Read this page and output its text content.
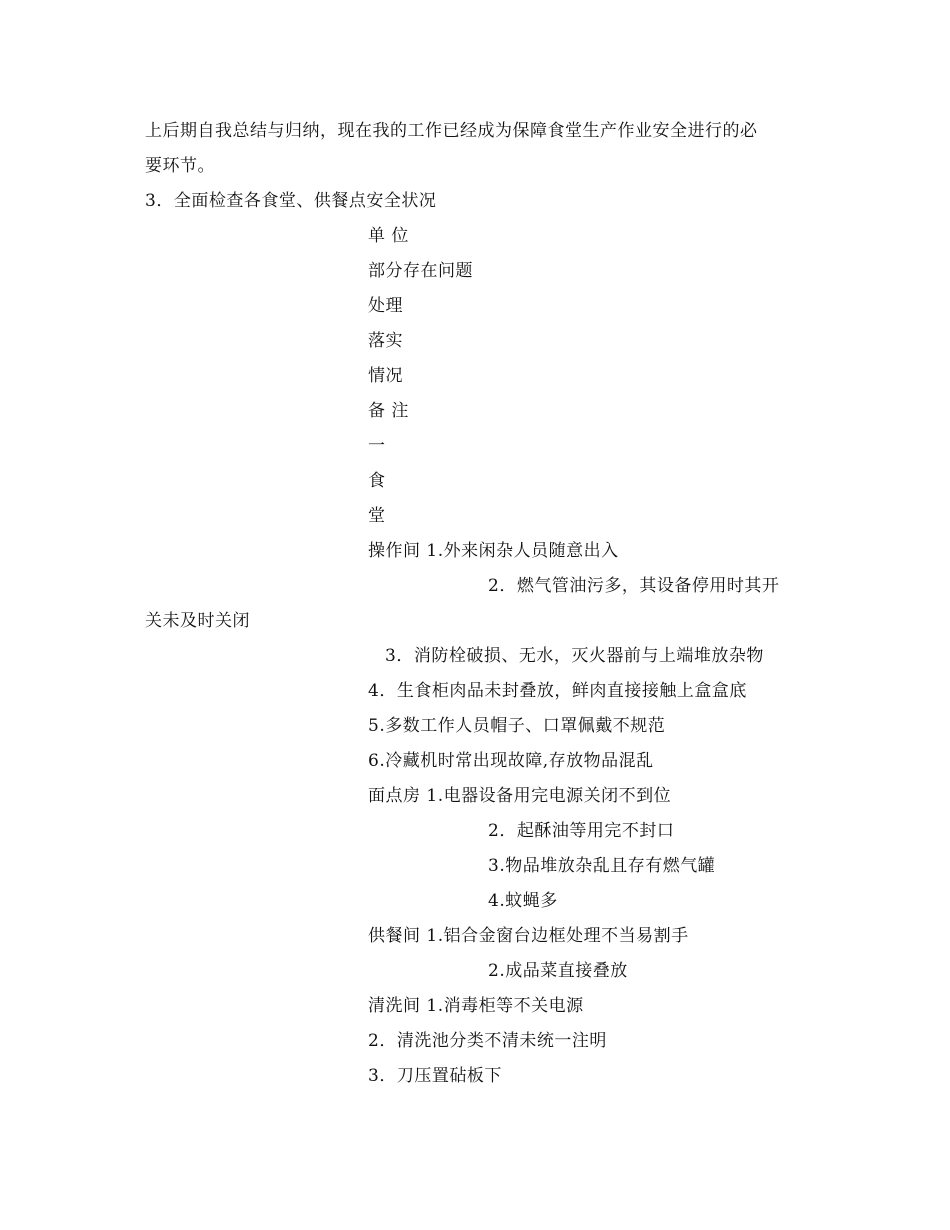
上后期自我总结与归纳，现在我的工作已经成为保障食堂生产作业安全进行的必
要环节。
3．全面检查各食堂、供餐点安全状况
单 位
部分存在问题
处理
落实
情况
备 注
一
食
堂
操作间 1.外来闲杂人员随意出入
2．燃气管油污多，其设备停用时其开
关未及时关闭
3．消防栓破损、无水，灭火器前与上端堆放杂物
4．生食柜肉品未封叠放，鲜肉直接接触上盒盒底
5.多数工作人员帽子、口罩佩戴不规范
6.冷藏机时常出现故障,存放物品混乱
面点房 1.电器设备用完电源关闭不到位
2．起酥油等用完不封口
3.物品堆放杂乱且存有燃气罐
4.蚊蝇多
供餐间 1.铝合金窗台边框处理不当易割手
2.成品菜直接叠放
清洗间 1.消毒柜等不关电源
2．清洗池分类不清未统一注明
3．刀压置砧板下
